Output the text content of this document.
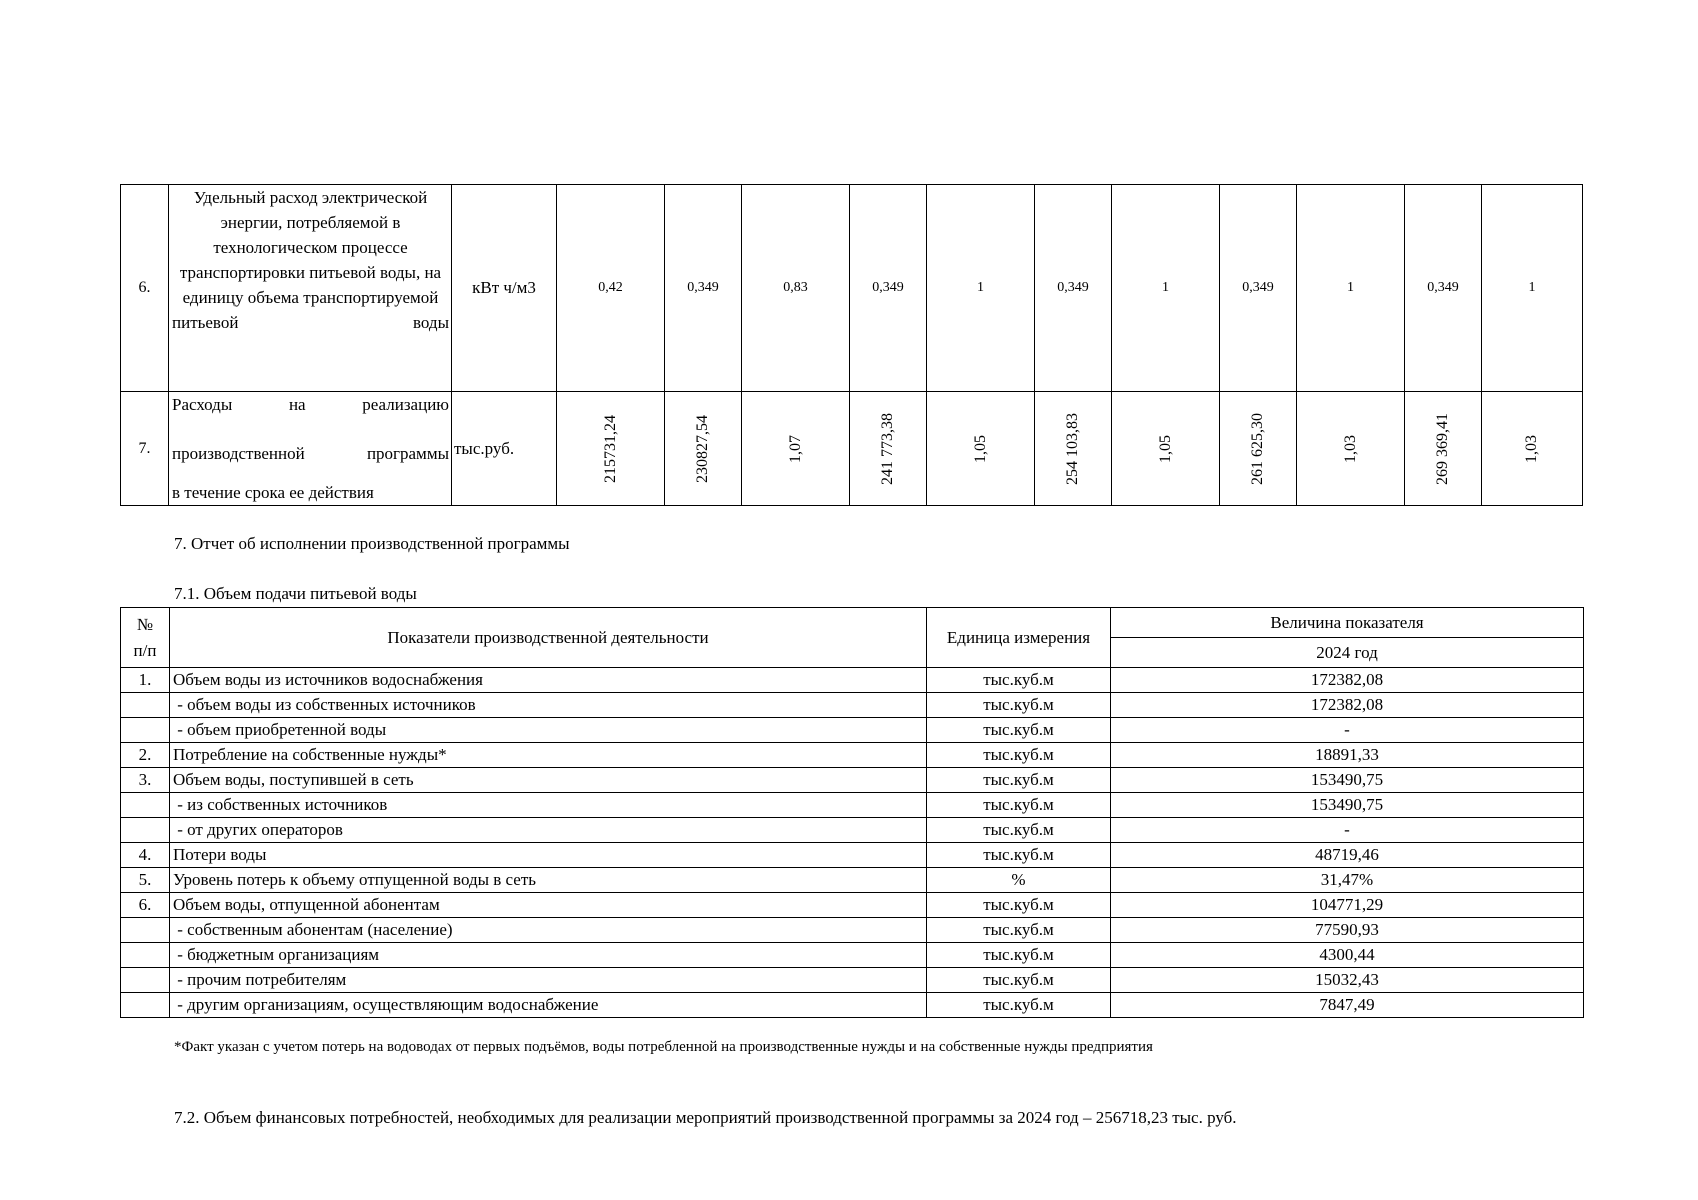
6.	Удельный расход электрической энергии, потребляемой в технологическом процессе транспортировки питьевой воды, на единицу объема транспортируемой питьевой воды	кВт ч/м3	0,42	0,349	0,83	0,349	1	0,349	1	0,349	1	0,349	1
7.	Расходы на реализацию
производственной программы
в течение срока ее действия	тыс.руб.	215731,24	230827,54	1,07	241 773,38	1,05	254 103,83	1,05	261 625,30	1,03	269 369,41	1,03
7. Отчет об исполнении производственной программы
7.1. Объем подачи питьевой воды
№
п/п	Показатели производственной деятельности	Единица измерения	Величина показателя
			2024 год
1.	Объем воды из источников водоснабжения	тыс.куб.м	172382,08
	- объем воды из собственных источников	тыс.куб.м	172382,08
	- объем приобретенной воды	тыс.куб.м	-
2.	Потребление на собственные нужды*	тыс.куб.м	18891,33
3.	Объем воды, поступившей в сеть	тыс.куб.м	153490,75
	- из собственных источников	тыс.куб.м	153490,75
	- от других операторов	тыс.куб.м	-
4.	Потери воды	тыс.куб.м	48719,46
5.	Уровень потерь к объему отпущенной воды в сеть	%	31,47%
6.	Объем воды, отпущенной абонентам	тыс.куб.м	104771,29
	- собственным абонентам (население)	тыс.куб.м	77590,93
	- бюджетным организациям	тыс.куб.м	4300,44
	- прочим потребителям	тыс.куб.м	15032,43
	- другим организациям, осуществляющим водоснабжение	тыс.куб.м	7847,49
*Факт указан с учетом потерь на водоводах от первых подъёмов, воды потребленной на производственные нужды и на собственные нужды предприятия
7.2. Объем финансовых потребностей, необходимых для реализации мероприятий производственной программы за 2024 год – 256718,23 тыс. руб.
